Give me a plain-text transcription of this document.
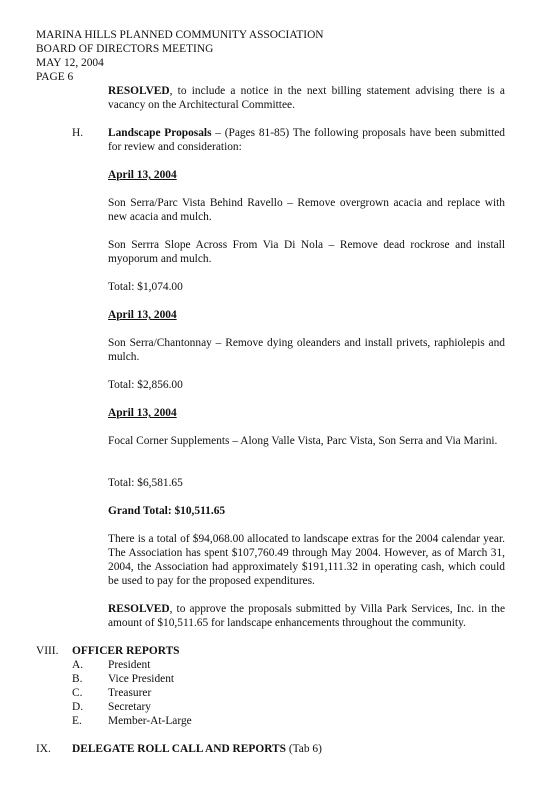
MARINA HILLS PLANNED COMMUNITY ASSOCIATION
BOARD OF DIRECTORS MEETING
MAY 12, 2004
PAGE 6
RESOLVED, to include a notice in the next billing statement advising there is a vacancy on the Architectural Committee.
H. Landscape Proposals – (Pages 81-85) The following proposals have been submitted for review and consideration:
April 13, 2004
Son Serra/Parc Vista Behind Ravello – Remove overgrown acacia and replace with new acacia and mulch.
Son Serrra Slope Across From Via Di Nola – Remove dead rockrose and install myoporum and mulch.
Total: $1,074.00
April 13, 2004
Son Serra/Chantonnay – Remove dying oleanders and install privets, raphiolepis and mulch.
Total: $2,856.00
April 13, 2004
Focal Corner Supplements – Along Valle Vista, Parc Vista, Son Serra and Via Marini.
Total: $6,581.65
Grand Total: $10,511.65
There is a total of $94,068.00 allocated to landscape extras for the 2004 calendar year. The Association has spent $107,760.49 through May 2004. However, as of March 31, 2004, the Association had approximately $191,111.32 in operating cash, which could be used to pay for the proposed expenditures.
RESOLVED, to approve the proposals submitted by Villa Park Services, Inc. in the amount of $10,511.65 for landscape enhancements throughout the community.
VIII. OFFICER REPORTS
A. President
B. Vice President
C. Treasurer
D. Secretary
E. Member-At-Large
IX. DELEGATE ROLL CALL AND REPORTS (Tab 6)
